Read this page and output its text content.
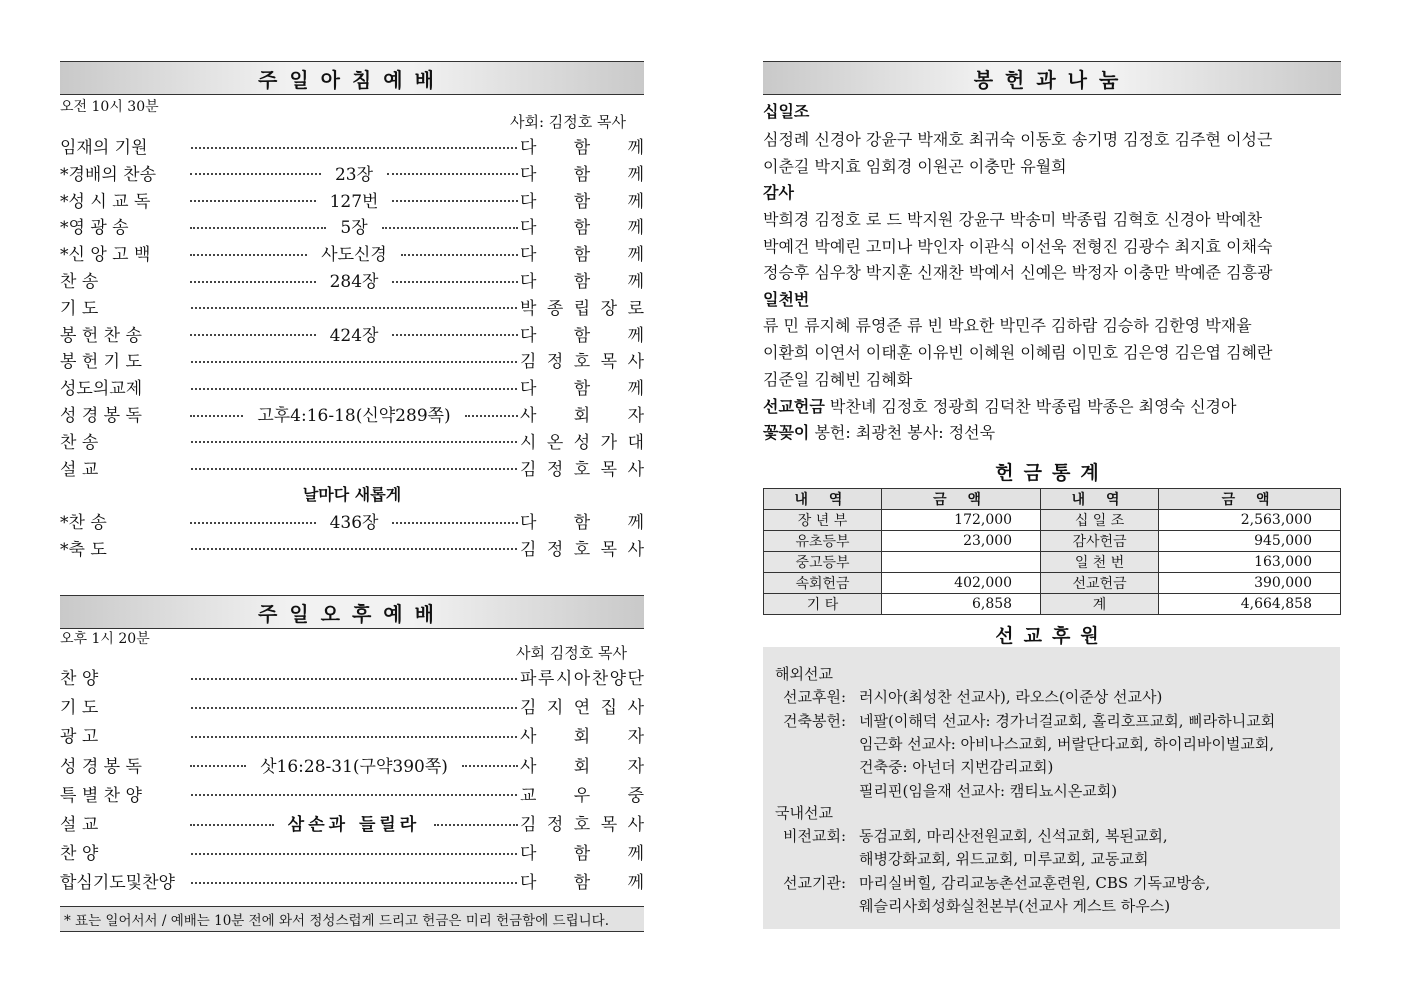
주일아침예배
오전 10시 30분
사회: 김정호 목사
임재의 기원	다 함 께
*경배의 찬송	23장	다 함 께
*성 시 교 독	127번	다 함 께
*영 광 송	5장	다 함 께
*신 앙 고 백	사도신경	다 함 께
찬 송	284장	다 함 께
기 도	박 종 립 장 로
봉 헌 찬 송	424장	다 함 께
봉 헌 기 도	김 정 호 목 사
성도의교제	다 함 께
성 경 봉 독	고후4:16-18(신약289쪽)	사 회 자
찬 송	시 온 성 가 대
설 교	김 정 호 목 사
날마다 새롭게
*찬 송	436장	다 함 께
*축 도	김 정 호 목 사
주일오후예배
오후 1시 20분
사회 김정호 목사
찬 양	파 루 시 아 찬 양 단
기 도	김 지 연 집 사
광 고	사 회 자
성 경 봉 독	삿16:28-31(구약390쪽)	사 회 자
특 별 찬 양	교 우 중
설 교	삼손과 들릴라	김 정 호 목 사
찬 양	다 함 께
합심기도및찬양	다 함 께
* 표는 일어서서 / 예배는 10분 전에 와서 정성스럽게 드리고 헌금은 미리 헌금함에 드립니다.
봉헌과나눔
십일조
심정례 신경아 강윤구 박재호 최귀숙 이동호 송기명 김정호 김주현 이성근
이춘길 박지효 임회경 이원곤 이충만 유월희
감사
박희경 김정호 로 드 박지원 강윤구 박송미 박종립 김혁호 신경아 박예찬
박예건 박예린 고미나 박인자 이관식 이선욱 전형진 김광수 최지효 이채숙
정승후 심우창 박지훈 신재찬 박예서 신예은 박정자 이충만 박예준 김흥광
일천번
류 민 류지혜 류영준 류 빈 박요한 박민주 김하람 김승하 김한영 박재율
이환희 이연서 이태훈 이유빈 이혜원 이혜림 이민호 김은영 김은엽 김혜란
김준일 김혜빈 김혜화
선교헌금 박찬녜 김정호 정광희 김덕찬 박종립 박종은 최영숙 신경아
꽃꽂이 봉헌: 최광천 봉사: 정선욱
헌금통계
내 역	금 액	내 역	금 액
장 년 부	172,000	십 일 조	2,563,000
유초등부	23,000	감사헌금	945,000
중고등부		일 천 번	163,000
속회헌금	402,000	선교헌금	390,000
기 타	6,858	계	4,664,858
선교후원
해외선교
선교후원: 러시아(최성찬 선교사), 라오스(이준상 선교사)
건축봉헌: 네팔(이해덕 선교사: 경가너걸교회, 홀리호프교회, 삐라하니교회
임근화 선교사: 아비나스교회, 버랄단다교회, 하이리바이벌교회,
건축중: 아넌더 지번감리교회)
필리핀(임을재 선교사: 캠티뇨시온교회)
국내선교
비전교회: 동검교회, 마리산전원교회, 신석교회, 복된교회,
해병강화교회, 위드교회, 미루교회, 교동교회
선교기관: 마리실버힐, 감리교농촌선교훈련원, CBS 기독교방송,
웨슬리사회성화실천본부(선교사 게스트 하우스)
